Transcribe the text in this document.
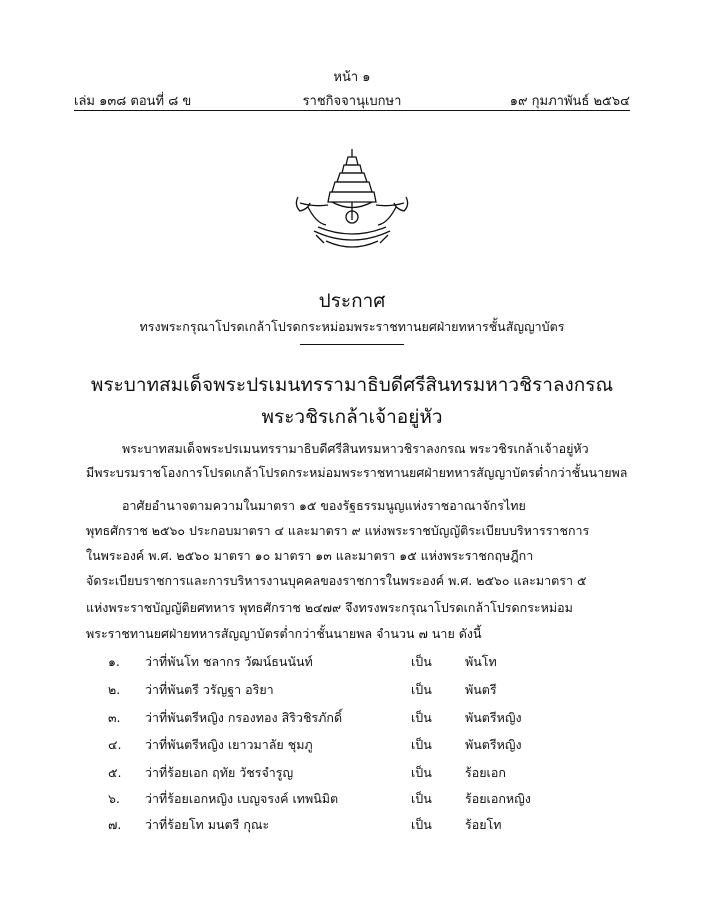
หน้า ๑
เล่ม ๑๓๘ ตอนที่ ๘ ข	ราชกิจจานุเบกษา	๑๙ กุมภาพันธ์ ๒๕๖๔
ประกาศ
ทรงพระกรุณาโปรดเกล้าโปรดกระหม่อมพระราชทานยศฝ่ายทหารชั้นสัญญาบัตร
พระบาทสมเด็จพระปรเมนทรรามาธิบดีศรีสินทรมหาวชิราลงกรณ
พระวชิรเกล้าเจ้าอยู่หัว
พระบาทสมเด็จพระปรเมนทรรามาธิบดีศรีสินทรมหาวชิราลงกรณ พระวชิรเกล้าเจ้าอยู่หัว
มีพระบรมราชโองการโปรดเกล้าโปรดกระหม่อมพระราชทานยศฝ่ายทหารสัญญาบัตรต่ำกว่าชั้นนายพล
อาศัยอำนาจตามความในมาตรา ๑๕ ของรัฐธรรมนูญแห่งราชอาณาจักรไทย
พุทธศักราช ๒๕๖๐ ประกอบมาตรา ๔ และมาตรา ๙ แห่งพระราชบัญญัติระเบียบบริหารราชการ
ในพระองค์ พ.ศ. ๒๕๖๐ มาตรา ๑๐ มาตรา ๑๓ และมาตรา ๑๕ แห่งพระราชกฤษฎีกา
จัดระเบียบราชการและการบริหารงานบุคคลของราชการในพระองค์ พ.ศ. ๒๕๖๐ และมาตรา ๕
แห่งพระราชบัญญัติยศทหาร พุทธศักราช ๒๔๗๙ จึงทรงพระกรุณาโปรดเกล้าโปรดกระหม่อม
พระราชทานยศฝ่ายทหารสัญญาบัตรต่ำกว่าชั้นนายพล จำนวน ๗ นาย ดังนี้
๑. ว่าที่พันโท ชลากร วัฒน์ธนนันท์	เป็น	พันโท
๒. ว่าที่พันตรี วรัญฐา อริยา	เป็น	พันตรี
๓. ว่าที่พันตรีหญิง กรองทอง สิริวชิรภักดิ์	เป็น	พันตรีหญิง
๔. ว่าที่พันตรีหญิง เยาวมาลัย ชุมภู	เป็น	พันตรีหญิง
๕. ว่าที่ร้อยเอก ฤทัย วัชรจำรูญ	เป็น	ร้อยเอก
๖. ว่าที่ร้อยเอกหญิง เบญจรงค์ เทพนิมิต	เป็น	ร้อยเอกหญิง
๗. ว่าที่ร้อยโท มนตรี กุณะ	เป็น	ร้อยโท
